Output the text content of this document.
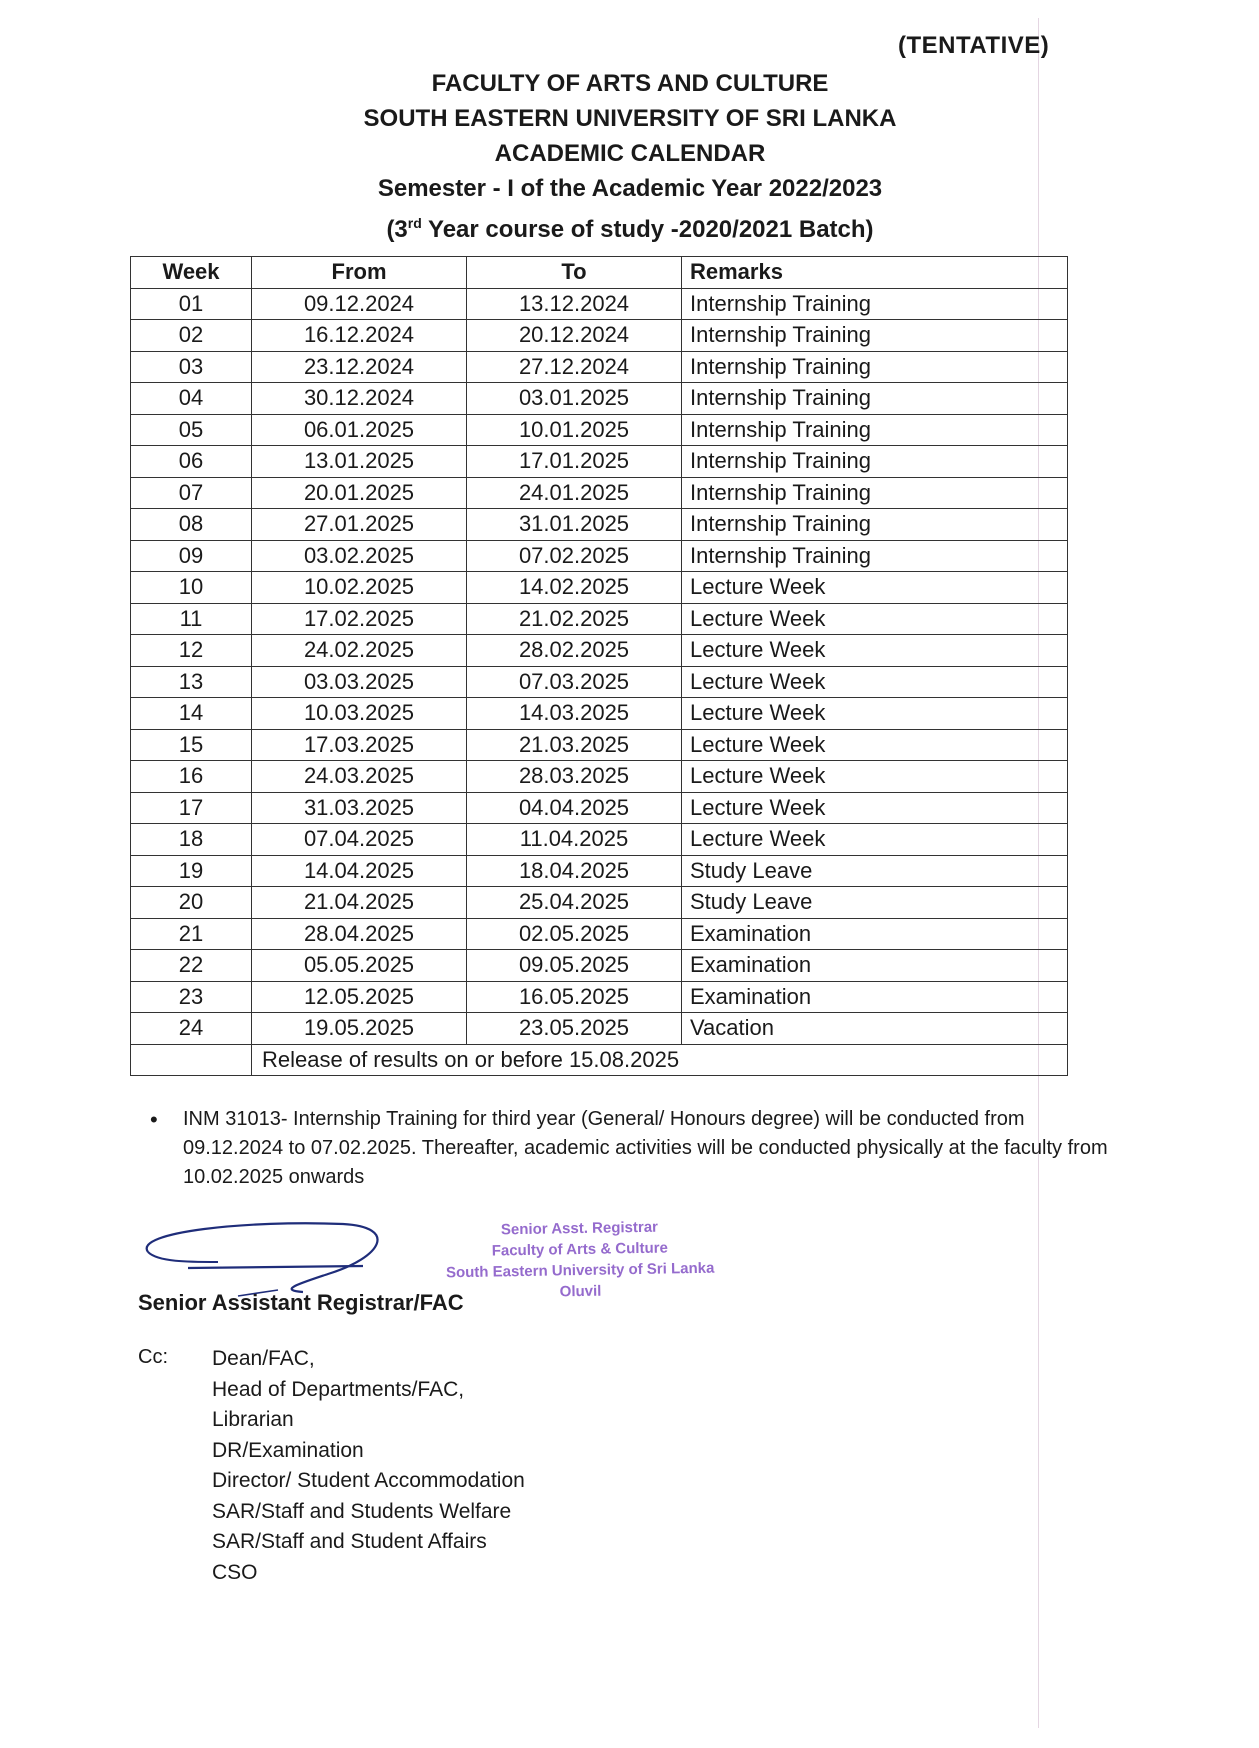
(TENTATIVE)
FACULTY OF ARTS AND CULTURE
SOUTH EASTERN UNIVERSITY OF SRI LANKA
ACADEMIC CALENDAR
Semester - I of the Academic Year 2022/2023
(3rd Year course of study -2020/2021 Batch)
Week	From	To	Remarks
01	09.12.2024	13.12.2024	Internship Training
02	16.12.2024	20.12.2024	Internship Training
03	23.12.2024	27.12.2024	Internship Training
04	30.12.2024	03.01.2025	Internship Training
05	06.01.2025	10.01.2025	Internship Training
06	13.01.2025	17.01.2025	Internship Training
07	20.01.2025	24.01.2025	Internship Training
08	27.01.2025	31.01.2025	Internship Training
09	03.02.2025	07.02.2025	Internship Training
10	10.02.2025	14.02.2025	Lecture Week
11	17.02.2025	21.02.2025	Lecture Week
12	24.02.2025	28.02.2025	Lecture Week
13	03.03.2025	07.03.2025	Lecture Week
14	10.03.2025	14.03.2025	Lecture Week
15	17.03.2025	21.03.2025	Lecture Week
16	24.03.2025	28.03.2025	Lecture Week
17	31.03.2025	04.04.2025	Lecture Week
18	07.04.2025	11.04.2025	Lecture Week
19	14.04.2025	18.04.2025	Study Leave
20	21.04.2025	25.04.2025	Study Leave
21	28.04.2025	02.05.2025	Examination
22	05.05.2025	09.05.2025	Examination
23	12.05.2025	16.05.2025	Examination
24	19.05.2025	23.05.2025	Vacation
	Release of results on or before 15.08.2025		
• INM 31013- Internship Training for third year (General/ Honours degree) will be conducted from 09.12.2024 to 07.02.2025. Thereafter, academic activities will be conducted physically at the faculty from 10.02.2025 onwards
Senior Asst. Registrar
Faculty of Arts & Culture
South Eastern University of Sri Lanka
Oluvil
Senior Assistant Registrar/FAC
Cc: Dean/FAC,
Head of Departments/FAC,
Librarian
DR/Examination
Director/ Student Accommodation
SAR/Staff and Students Welfare
SAR/Staff and Student Affairs
CSO
